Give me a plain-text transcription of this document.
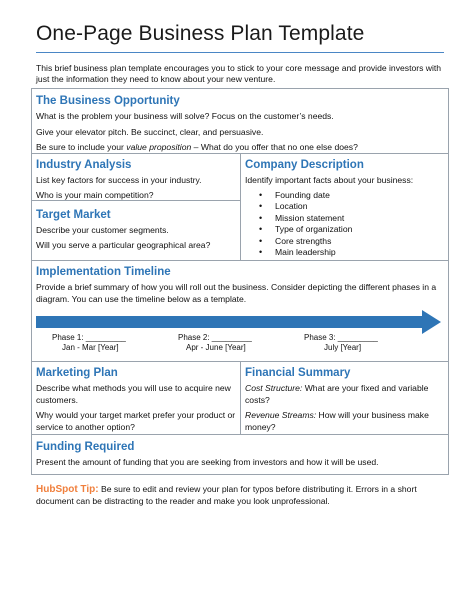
One-Page Business Plan Template
This brief business plan template encourages you to stick to your core message and provide investors with just the information they need to know about your new venture.

The Business Opportunity

What is the problem your business will solve? Focus on the customer’s needs.

Give your elevator pitch. Be succinct, clear, and persuasive.

Be sure to include your value proposition – What do you offer that no one else does?

Industry Analysis

List key factors for success in your industry.

Who is your main competition?

Target Market

Describe your customer segments.

Will you serve a particular geographical area?

Company Description

Identify important facts about your business:

• Founding date
• Location
• Mission statement
• Type of organization
• Core strengths
• Main leadership

Implementation Timeline

Provide a brief summary of how you will roll out the business. Consider depicting the different phases in a diagram. You can use the timeline below as a template.

Marketing Plan

Describe what methods you will use to acquire new customers.

Why would your target market prefer your product or service to another option?

Financial Summary

Cost Structure: What are your fixed and variable costs?

Revenue Streams: How will your business make money?

Funding Required

Present the amount of funding that you are seeking from investors and how it will be used.

Phase 1: _________
Jan - Mar [Year]
Phase 2: _________
Apr - June [Year]
Phase 3: _________
July [Year]
HubSpot Tip: Be sure to edit and review your plan for typos before distributing it. Errors in a short document can be distracting to the reader and make you look unprofessional.
